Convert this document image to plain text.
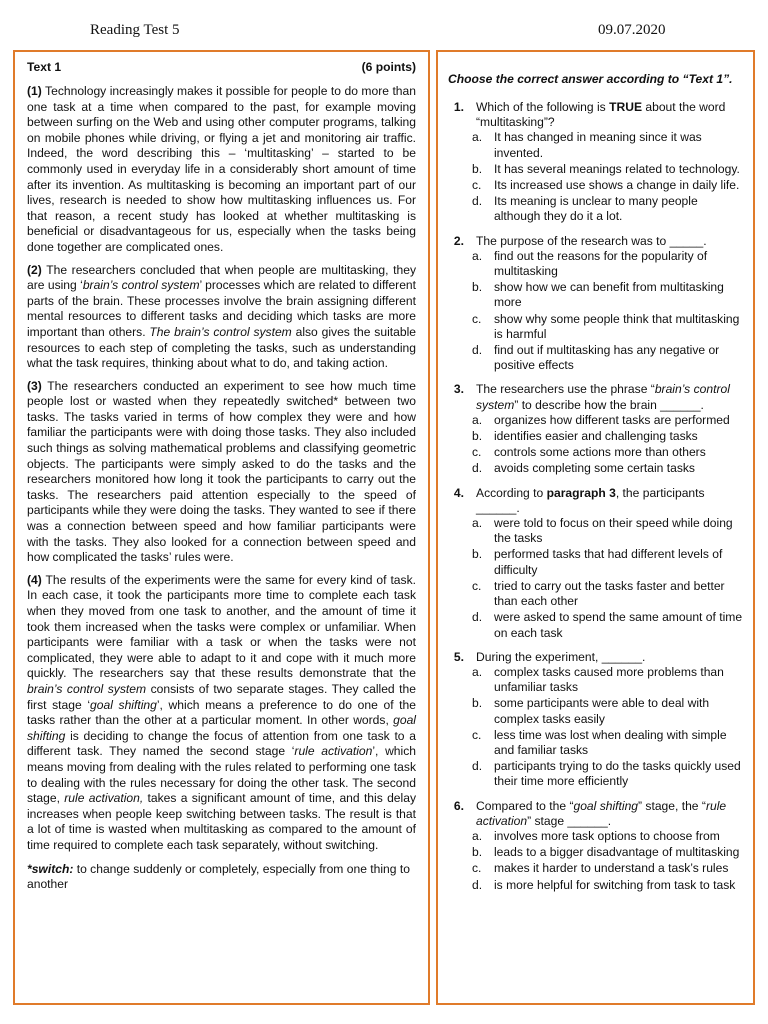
Reading Test 5	09.07.2020
Text 1	(6 points)

(1) Technology increasingly makes it possible for people to do more than one task at a time when compared to the past, for example moving between surfing on the Web and using other computer programs, talking on mobile phones while driving, or flying a jet and monitoring air traffic. Indeed, the word describing this – ‘multitasking’ – started to be commonly used in everyday life in a considerably short amount of time after its invention. As multitasking is becoming an important part of our lives, research is needed to show how multitasking influences us. For that reason, a recent study has looked at whether multitasking is beneficial or disadvantageous for us, especially when the tasks being done together are complicated ones.

(2) The researchers concluded that when people are multitasking, they are using ‘brain’s control system’ processes which are related to different parts of the brain. These processes involve the brain assigning different mental resources to different tasks and deciding which tasks are more important than others. The brain’s control system also gives the suitable resources to each step of completing the tasks, such as understanding what the task requires, thinking about what to do, and taking action.

(3) The researchers conducted an experiment to see how much time people lost or wasted when they repeatedly switched* between two tasks. The tasks varied in terms of how complex they were and how familiar the participants were with doing those tasks. They also included such things as solving mathematical problems and classifying geometric objects. The participants were simply asked to do the tasks and the researchers monitored how long it took the participants to carry out the tasks. The researchers paid attention especially to the speed of participants while they were doing the tasks. They wanted to see if there was a connection between speed and how familiar participants were with the tasks. They also looked for a connection between speed and how complicated the tasks’ rules were.

(4) The results of the experiments were the same for every kind of task. In each case, it took the participants more time to complete each task when they moved from one task to another, and the amount of time it took them increased when the tasks were complex or unfamiliar. When participants were familiar with a task or when the tasks were not complicated, they were able to adapt to it and cope with it much more quickly. The researchers say that these results demonstrate that the brain’s control system consists of two separate stages. They called the first stage ‘goal shifting’, which means a preference to do one of the tasks rather than the other at a particular moment. In other words, goal shifting is deciding to change the focus of attention from one task to a different task. They named the second stage ‘rule activation’, which means moving from dealing with the rules related to performing one task to dealing with the rules necessary for doing the other task. The second stage, rule activation, takes a significant amount of time, and this delay increases when people keep switching between tasks. The result is that a lot of time is wasted when multitasking as compared to the amount of time required to complete each task separately, without switching.

*switch: to change suddenly or completely, especially from one thing to another
Choose the correct answer according to “Text 1”.
1. Which of the following is TRUE about the word “multitasking”?
a. It has changed in meaning since it was invented.
b. It has several meanings related to technology.
c.	Its increased use shows a change in daily life.
d. Its meaning is unclear to many people although they do it a lot.
2. The purpose of the research was to _____.
a. find out the reasons for the popularity of multitasking
b. show how we can benefit from multitasking more
c.	show why some people think that multitasking is harmful
d. find out if multitasking has any negative or positive effects
3. The researchers use the phrase “brain’s control system” to describe how the brain ______.
a. organizes how different tasks are performed
b. identifies easier and challenging tasks
c.	controls some actions more than others
d. avoids completing some certain tasks
4. According to paragraph 3, the participants ______.
a. were told to focus on their speed while doing the tasks
b. performed tasks that had different levels of difficulty
c.	tried to carry out the tasks faster and better than each other
d. were asked to spend the same amount of time on each task
5. During the experiment, ______.
a. complex tasks caused more problems than unfamiliar tasks
b. some participants were able to deal with complex tasks easily
c.	less time was lost when dealing with simple and familiar tasks
d. participants trying to do the tasks quickly used their time more efficiently
6. Compared to the “goal shifting” stage, the “rule activation” stage ______.
a. involves more task options to choose from
b. leads to a bigger disadvantage of multitasking
c.	makes it harder to understand a task’s rules
d. is more helpful for switching from task to task
